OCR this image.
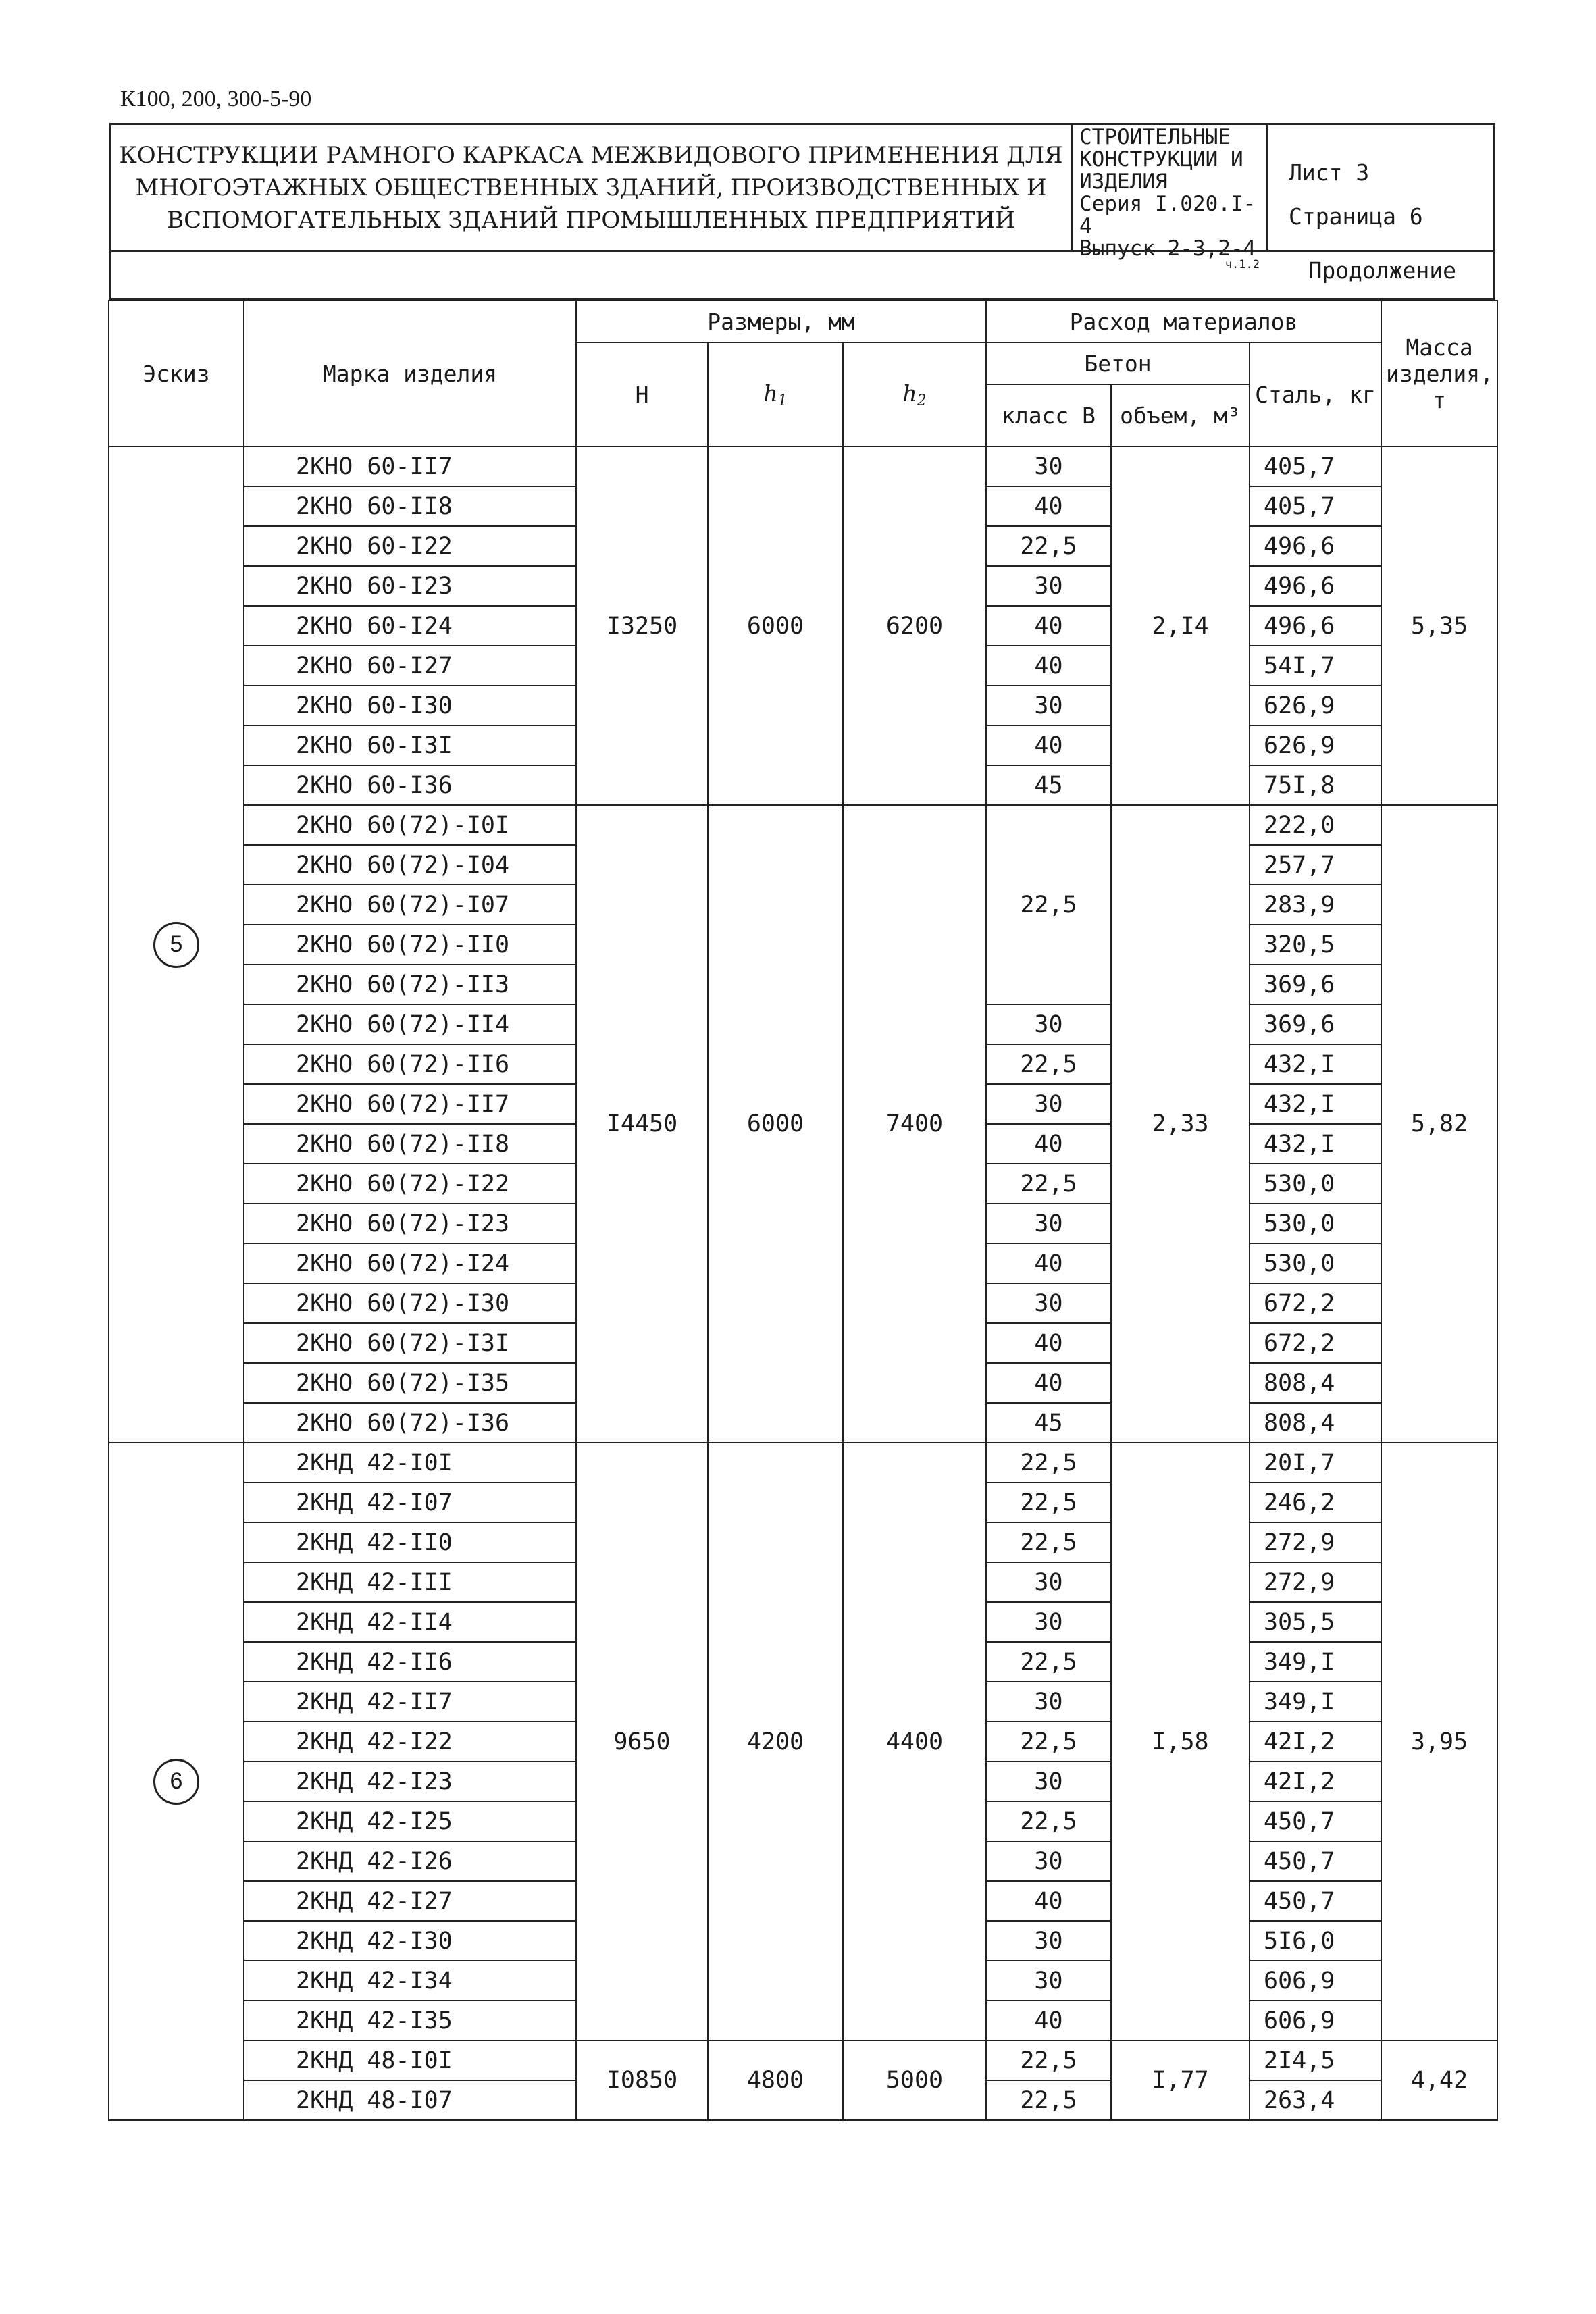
К100, 200, 300-5-90
КОНСТРУКЦИИ РАМНОГО КАРКАСА МЕЖВИДОВОГО ПРИМЕНЕНИЯ ДЛЯ
МНОГОЭТАЖНЫХ ОБЩЕСТВЕННЫХ ЗДАНИЙ, ПРОИЗВОДСТВЕННЫХ И
ВСПОМОГАТЕЛЬНЫХ ЗДАНИЙ ПРОМЫШЛЕННЫХ ПРЕДПРИЯТИЙ
СТРОИТЕЛЬНЫЕ
КОНСТРУКЦИИ И
ИЗДЕЛИЯ
Серия I.020.I-4
Выпуск 2-3,2-4
ч.1.2
Лист 3
Страница 6
Продолжение
Эскиз	Марка изделия	Размеры, мм			Расход материалов			Масса изделия, т
		Н	$h_1$	$h_2$	Бетон		Сталь, кг	
					класс В	объем, м³		
5	2КНО 60-II7	I3250	6000	6200	30	2,I4	405,7	5,35
	2КНО 60-II8				40		405,7	
	2КНО 60-I22				22,5		496,6	
	2КНО 60-I23				30		496,6	
	2КНО 60-I24				40		496,6	
	2КНО 60-I27				40		54I,7	
	2КНО 60-I30				30		626,9	
	2КНО 60-I3I				40		626,9	
	2КНО 60-I36				45		75I,8	
	2КНО 60(72)-I0I	I4450	6000	7400	22,5	2,33	222,0	5,82
	2КНО 60(72)-I04						257,7	
	2КНО 60(72)-I07						283,9	
	2КНО 60(72)-II0						320,5	
	2КНО 60(72)-II3						369,6	
	2КНО 60(72)-II4				30		369,6	
	2КНО 60(72)-II6				22,5		432,I	
	2КНО 60(72)-II7				30		432,I	
	2КНО 60(72)-II8				40		432,I	
	2КНО 60(72)-I22				22,5		530,0	
	2КНО 60(72)-I23				30		530,0	
	2КНО 60(72)-I24				40		530,0	
	2КНО 60(72)-I30				30		672,2	
	2КНО 60(72)-I3I				40		672,2	
	2КНО 60(72)-I35				40		808,4	
	2КНО 60(72)-I36				45		808,4	
6	2КНД 42-I0I	9650	4200	4400	22,5	I,58	20I,7	3,95
	2КНД 42-I07				22,5		246,2	
	2КНД 42-II0				22,5		272,9	
	2КНД 42-III				30		272,9	
	2КНД 42-II4				30		305,5	
	2КНД 42-II6				22,5		349,I	
	2КНД 42-II7				30		349,I	
	2КНД 42-I22				22,5		42I,2	
	2КНД 42-I23				30		42I,2	
	2КНД 42-I25				22,5		450,7	
	2КНД 42-I26				30		450,7	
	2КНД 42-I27				40		450,7	
	2КНД 42-I30				30		5I6,0	
	2КНД 42-I34				30		606,9	
	2КНД 42-I35				40		606,9	
	2КНД 48-I0I	I0850	4800	5000	22,5	I,77	2I4,5	4,42
	2КНД 48-I07				22,5		263,4	
